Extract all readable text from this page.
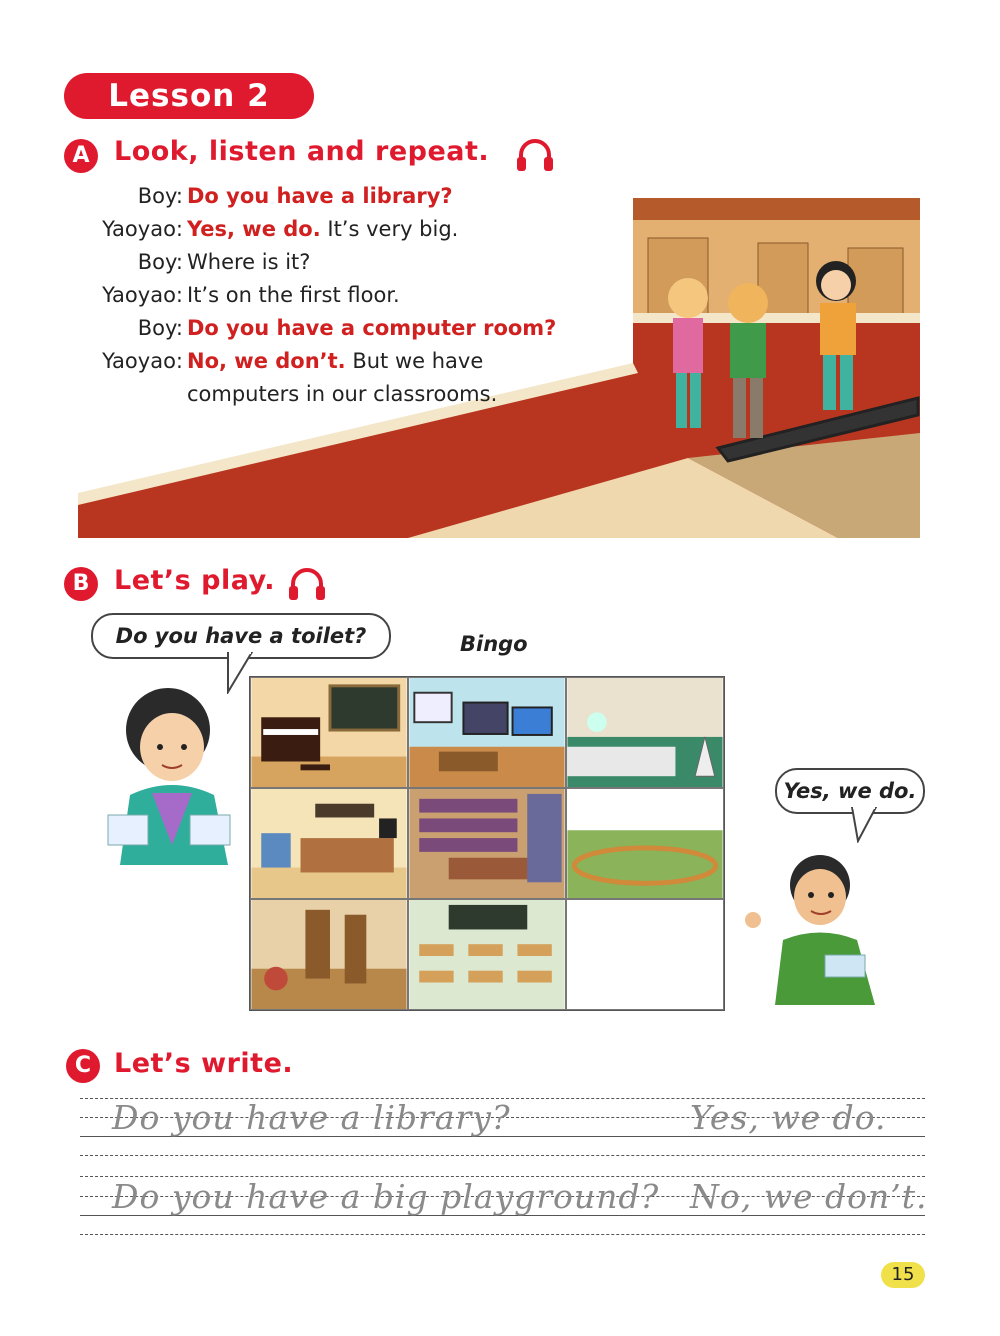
Lesson 2
A Look, listen and repeat.
Boy: Do you have a library?
Yaoyao: Yes, we do. It’s very big.
Boy: Where is it?
Yaoyao: It’s on the first floor.
Boy: Do you have a computer room?
Yaoyao: No, we don’t. But we have
computers in our classrooms.
B Let’s play.
Do you have a toilet?	Bingo
Yes, we do.
C Let’s write.
Do you have a library?	Yes, we do.
Do you have a big playground? No, we don’t.
15
